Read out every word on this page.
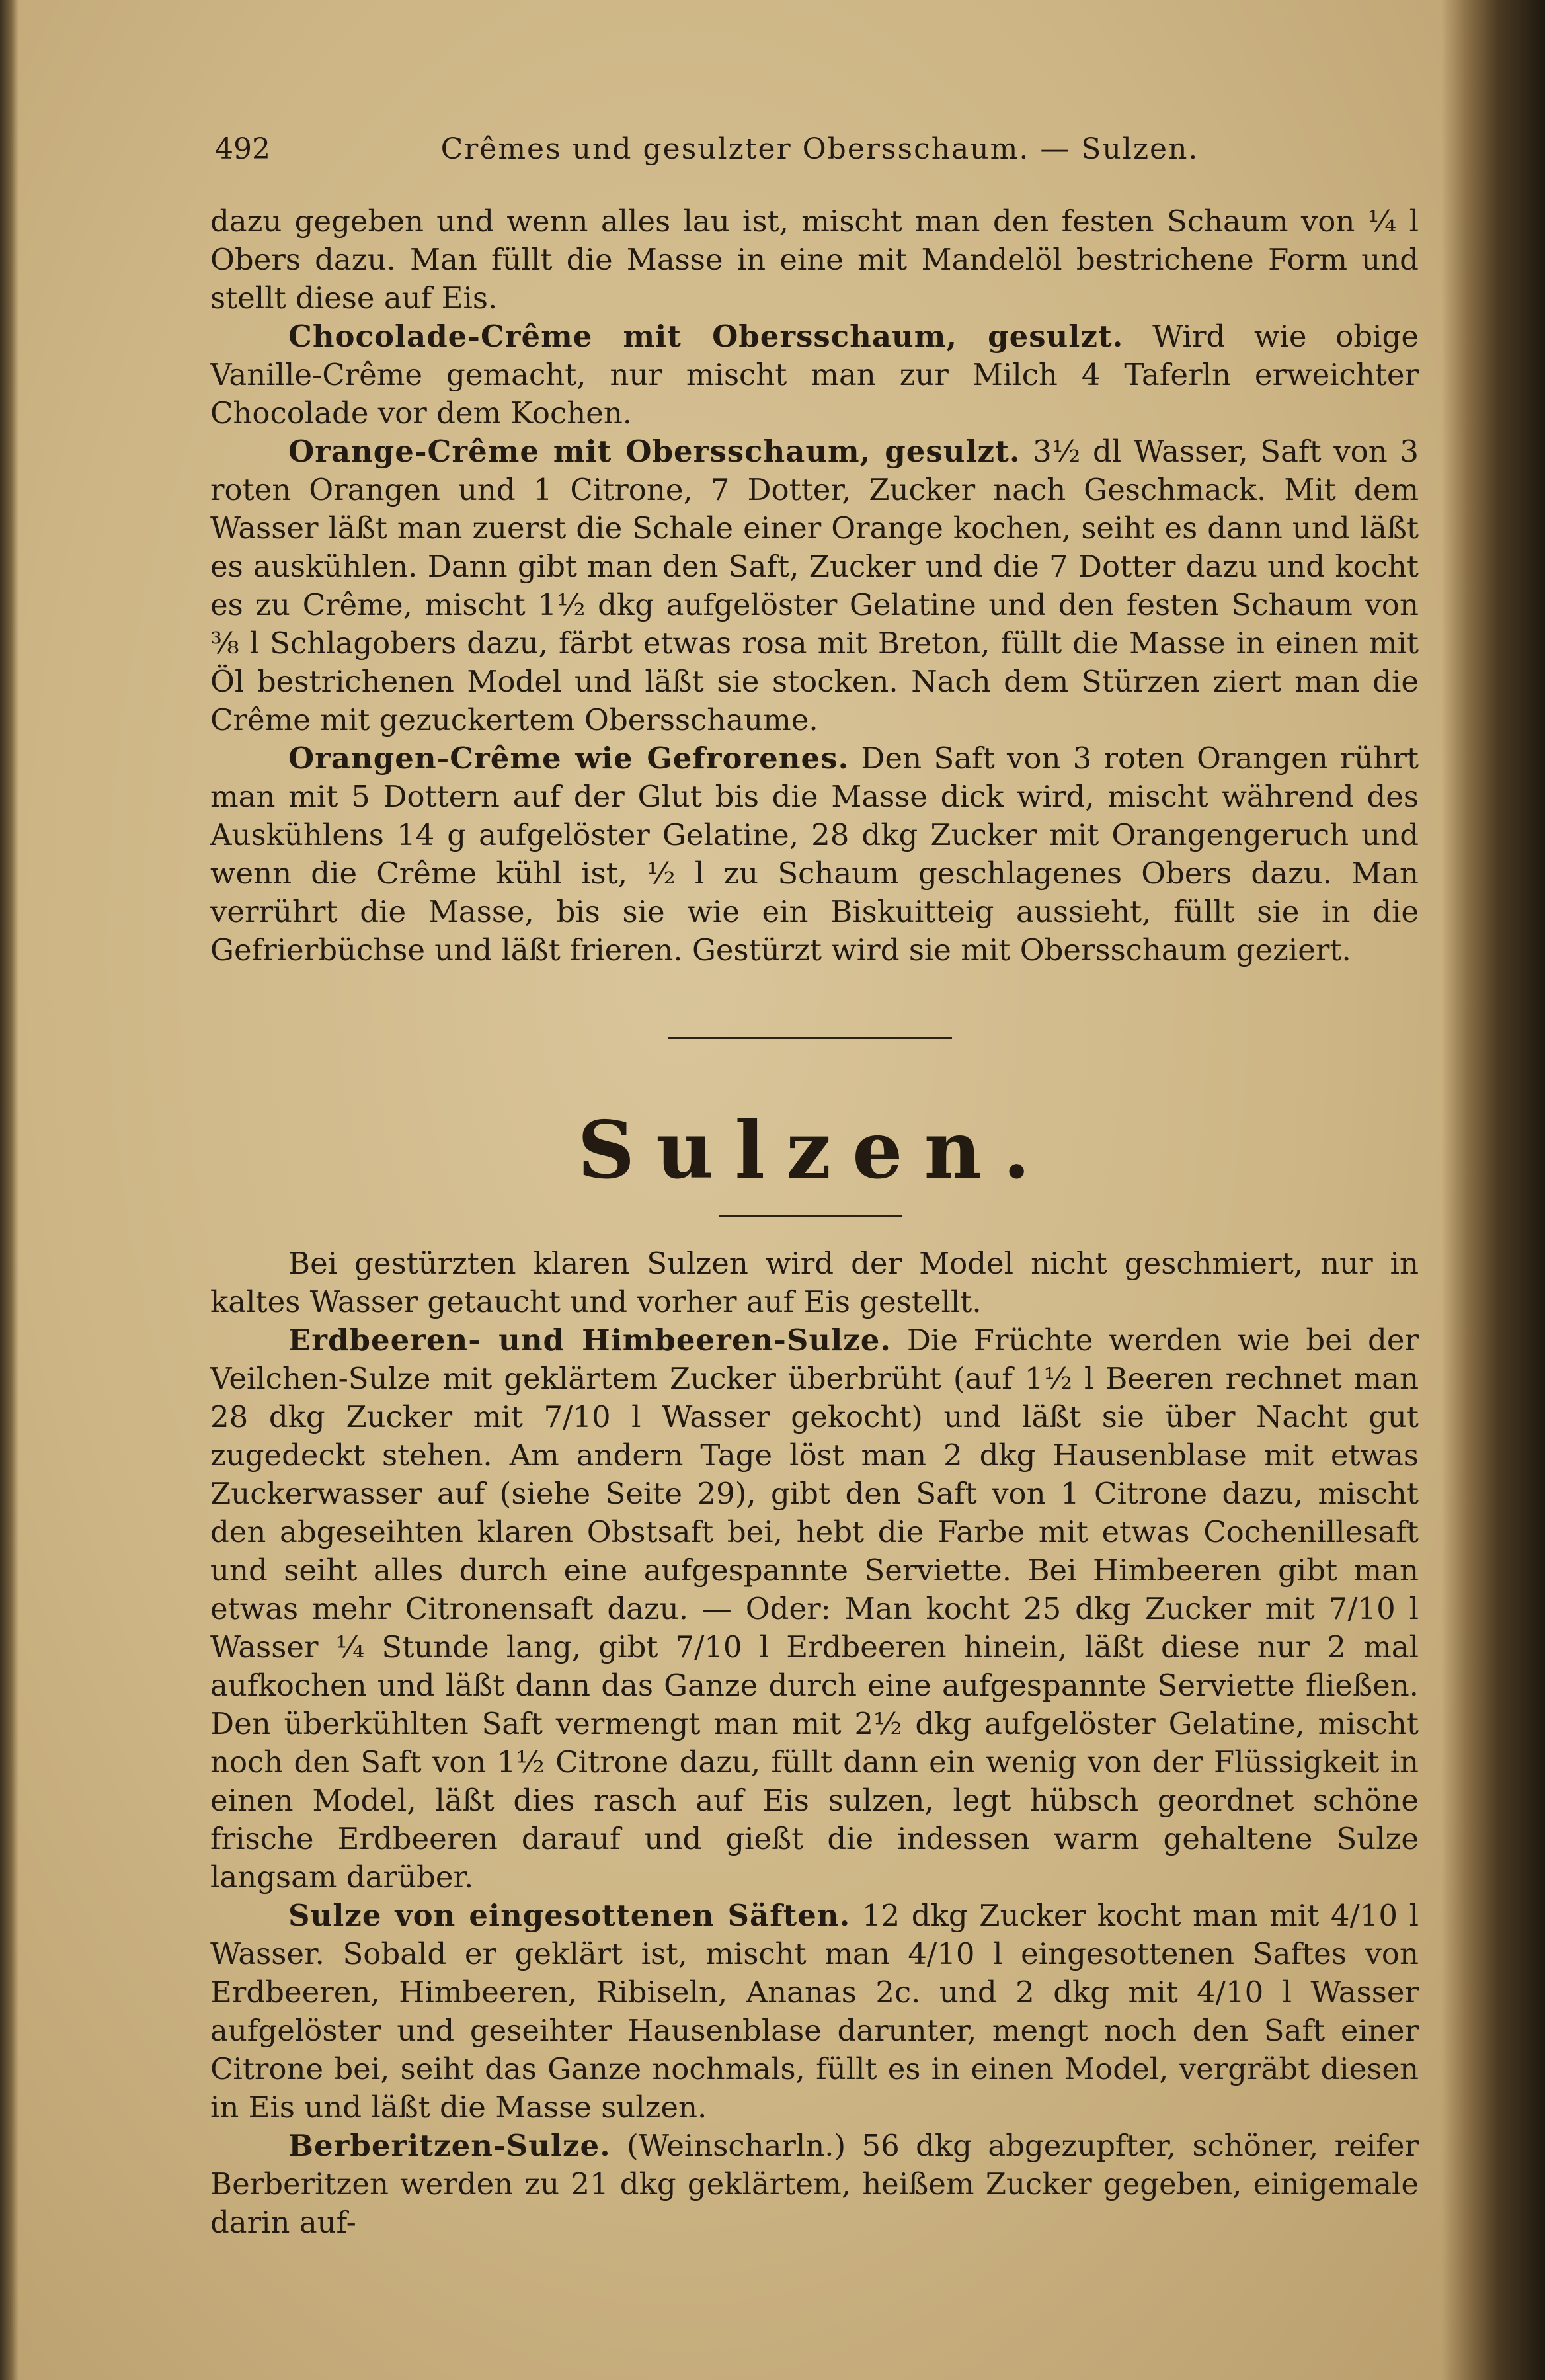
492	Crêmes und gesulzter Obersschaum. — Sulzen.

dazu gegeben und wenn alles lau ist, mischt man den festen Schaum von ¼ l Obers dazu. Man füllt die Masse in eine mit Mandelöl bestrichene Form und stellt diese auf Eis.

Chocolade-Crême mit Obersschaum, gesulzt. Wird wie obige Vanille-Crême gemacht, nur mischt man zur Milch 4 Taferln erweichter Chocolade vor dem Kochen.

Orange-Crême mit Obersschaum, gesulzt. 3½ dl Wasser, Saft von 3 roten Orangen und 1 Citrone, 7 Dotter, Zucker nach Geschmack. Mit dem Wasser läßt man zuerst die Schale einer Orange kochen, seiht es dann und läßt es auskühlen. Dann gibt man den Saft, Zucker und die 7 Dotter dazu und kocht es zu Crême, mischt 1½ dkg aufgelöster Gelatine und den festen Schaum von ⅜ l Schlagobers dazu, färbt etwas rosa mit Breton, füllt die Masse in einen mit Öl bestrichenen Model und läßt sie stocken. Nach dem Stürzen ziert man die Crême mit gezuckertem Obersschaume.

Orangen-Crême wie Gefrorenes. Den Saft von 3 roten Orangen rührt man mit 5 Dottern auf der Glut bis die Masse dick wird, mischt während des Auskühlens 14 g aufgelöster Gelatine, 28 dkg Zucker mit Orangengeruch und wenn die Crême kühl ist, ½ l zu Schaum geschlagenes Obers dazu. Man verrührt die Masse, bis sie wie ein Biskuitteig aussieht, füllt sie in die Gefrierbüchse und läßt frieren. Gestürzt wird sie mit Obersschaum geziert.

Sulzen.

Bei gestürzten klaren Sulzen wird der Model nicht geschmiert, nur in kaltes Wasser getaucht und vorher auf Eis gestellt.

Erdbeeren- und Himbeeren-Sulze. Die Früchte werden wie bei der Veilchen-Sulze mit geklärtem Zucker überbrüht (auf 1½ l Beeren rechnet man 28 dkg Zucker mit 7/10 l Wasser gekocht) und läßt sie über Nacht gut zugedeckt stehen. Am andern Tage löst man 2 dkg Hausenblase mit etwas Zuckerwasser auf (siehe Seite 29), gibt den Saft von 1 Citrone dazu, mischt den abgeseihten klaren Obstsaft bei, hebt die Farbe mit etwas Cochenillesaft und seiht alles durch eine aufgespannte Serviette. Bei Himbeeren gibt man etwas mehr Citronensaft dazu. — Oder: Man kocht 25 dkg Zucker mit 7/10 l Wasser ¼ Stunde lang, gibt 7/10 l Erdbeeren hinein, läßt diese nur 2 mal aufkochen und läßt dann das Ganze durch eine aufgespannte Serviette fließen. Den überkühlten Saft vermengt man mit 2½ dkg aufgelöster Gelatine, mischt noch den Saft von 1½ Citrone dazu, füllt dann ein wenig von der Flüssigkeit in einen Model, läßt dies rasch auf Eis sulzen, legt hübsch geordnet schöne frische Erdbeeren darauf und gießt die indessen warm gehaltene Sulze langsam darüber.

Sulze von eingesottenen Säften. 12 dkg Zucker kocht man mit 4/10 l Wasser. Sobald er geklärt ist, mischt man 4/10 l eingesottenen Saftes von Erdbeeren, Himbeeren, Ribiseln, Ananas 2c. und 2 dkg mit 4/10 l Wasser aufgelöster und geseihter Hausenblase darunter, mengt noch den Saft einer Citrone bei, seiht das Ganze nochmals, füllt es in einen Model, vergräbt diesen in Eis und läßt die Masse sulzen.

Berberitzen-Sulze. (Weinscharln.) 56 dkg abgezupfter, schöner, reifer Berberitzen werden zu 21 dkg geklärtem, heißem Zucker gegeben, einigemale darin auf-
